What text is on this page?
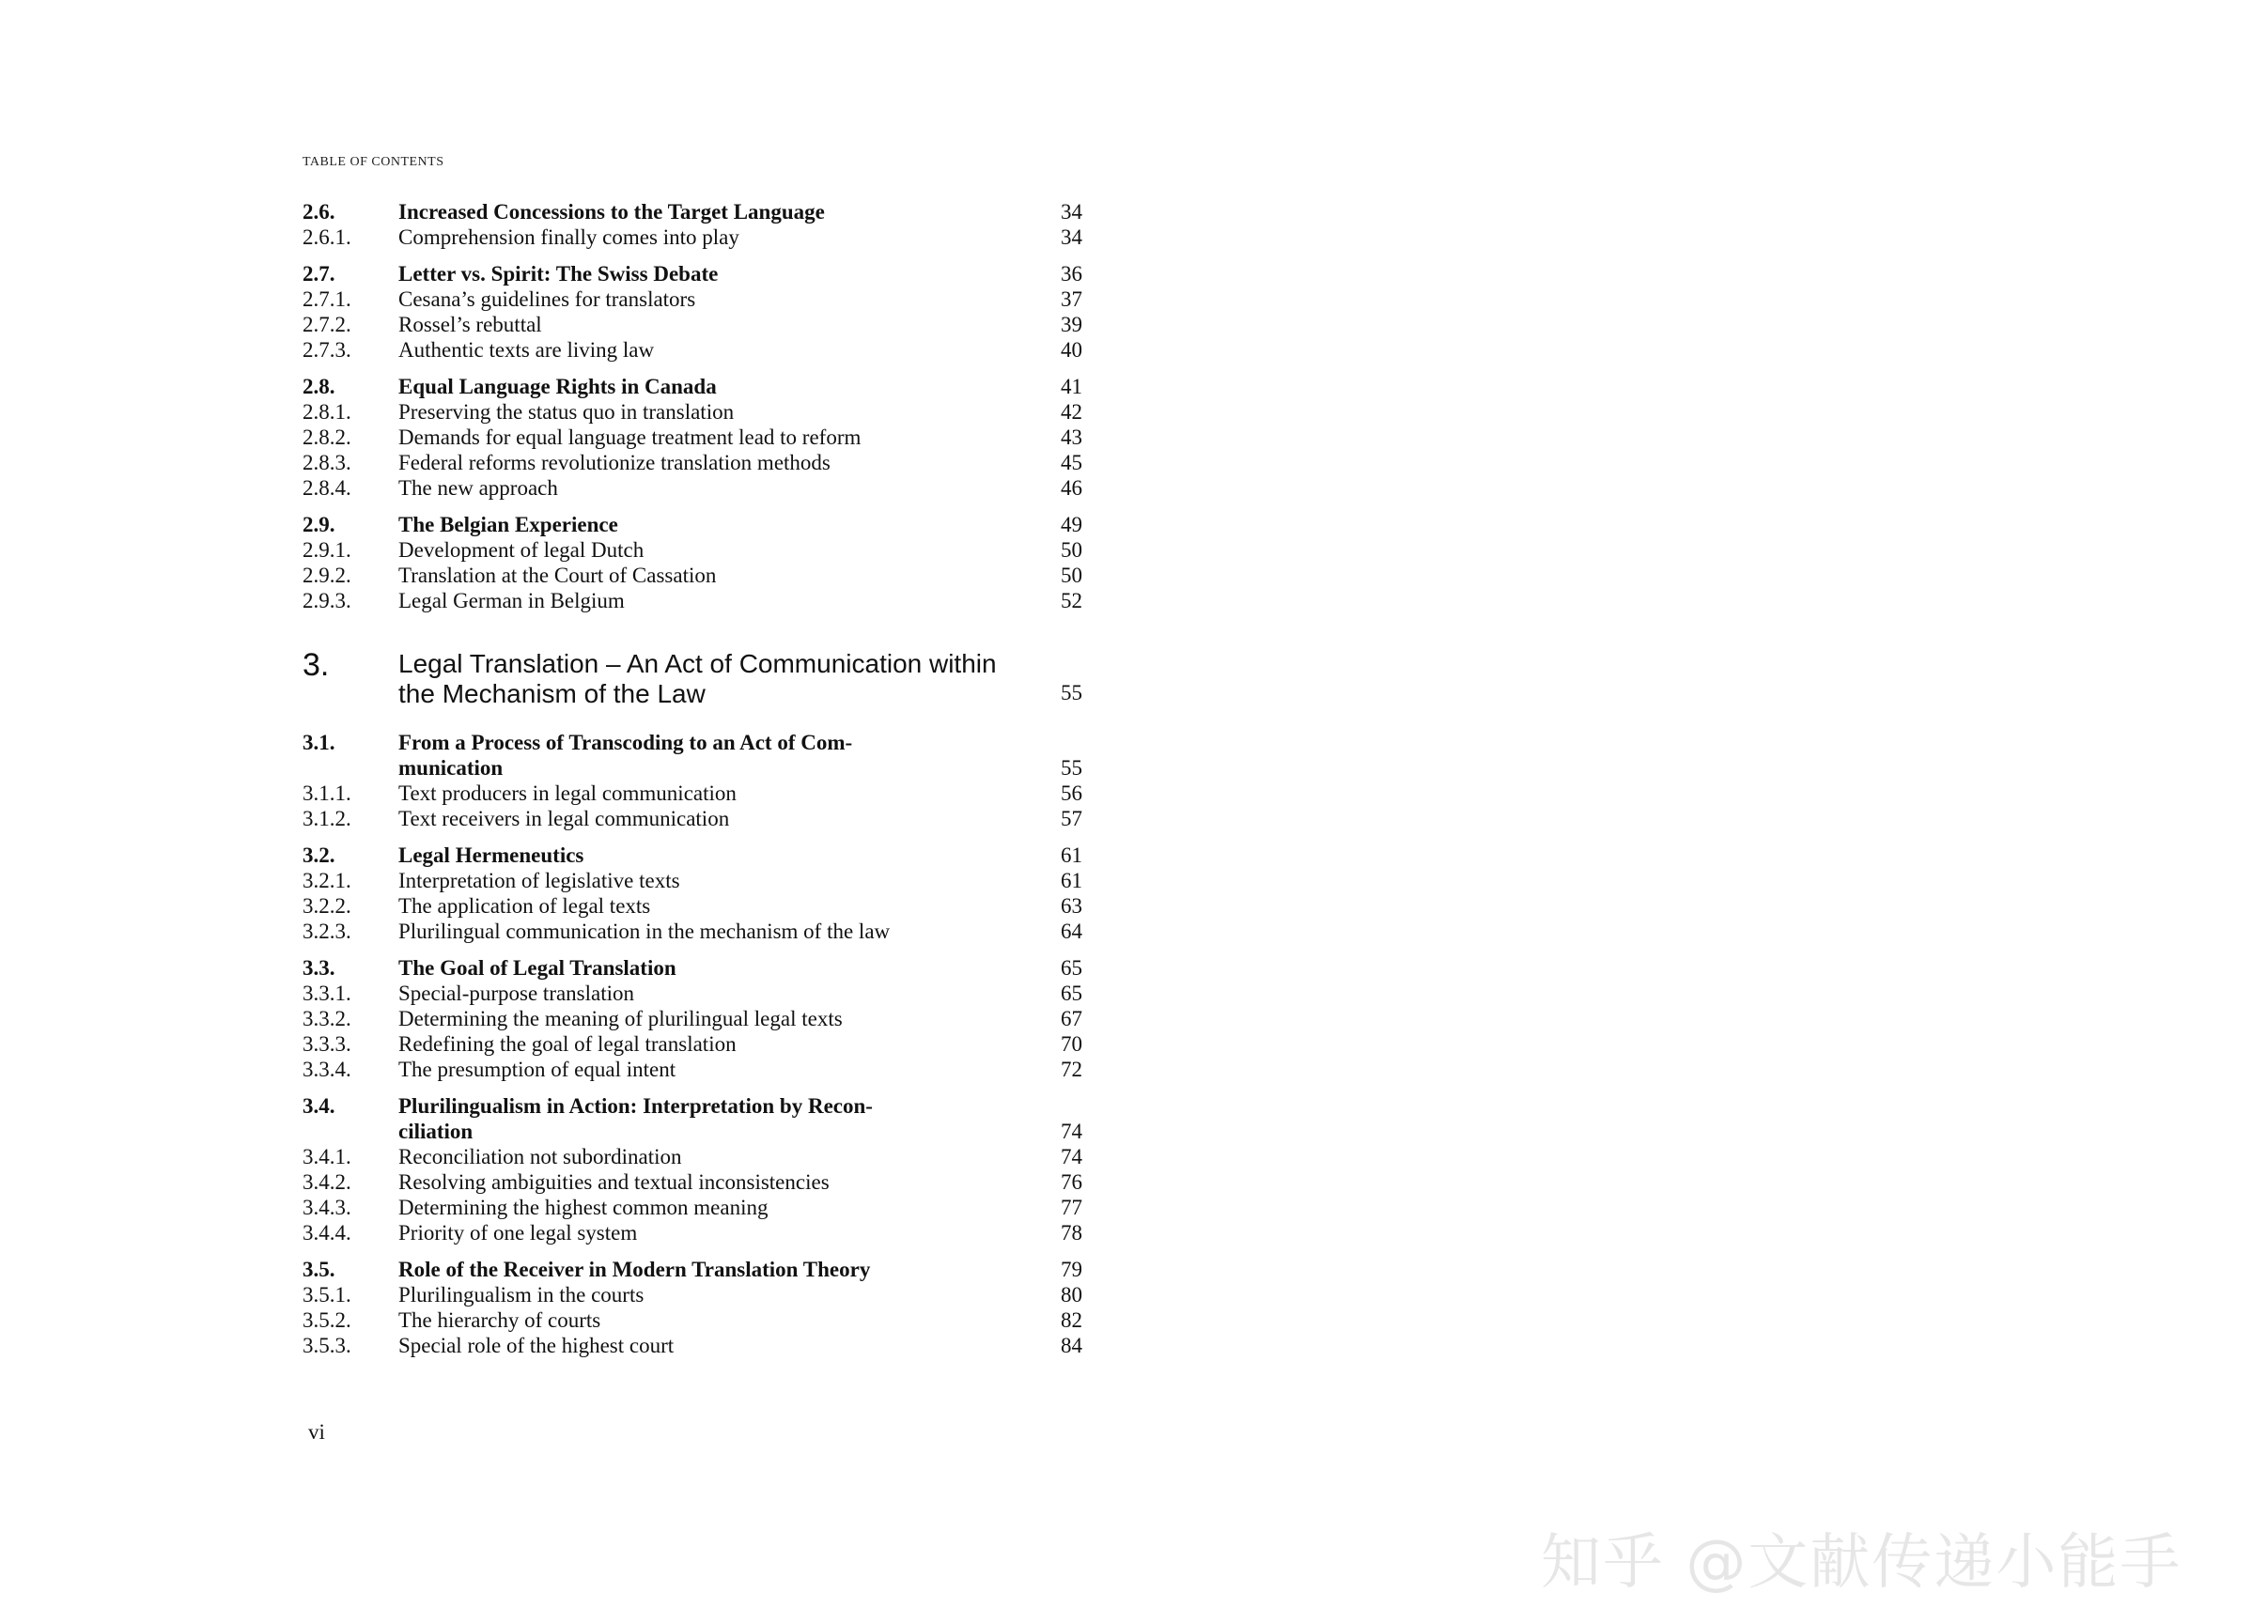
TABLE OF CONTENTS
2.6.	Increased Concessions to the Target Language	34
2.6.1. Comprehension finally comes into play	34
2.7.	Letter vs. Spirit: The Swiss Debate	36
2.7.1. Cesana’s guidelines for translators	37
2.7.2. Rossel’s rebuttal	39
2.7.3. Authentic texts are living law	40
2.8.	Equal Language Rights in Canada	41
2.8.1. Preserving the status quo in translation	42
2.8.2. Demands for equal language treatment lead to reform	43
2.8.3. Federal reforms revolutionize translation methods	45
2.8.4. The new approach	46
2.9.	The Belgian Experience	49
2.9.1. Development of legal Dutch	50
2.9.2. Translation at the Court of Cassation	50
2.9.3. Legal German in Belgium	52
3.	Legal Translation – An Act of Communication within the Mechanism of the Law	55
3.1.	From a Process of Transcoding to an Act of Com-
munication	55
3.1.1. Text producers in legal communication	56
3.1.2. Text receivers in legal communication	57
3.2.	Legal Hermeneutics	61
3.2.1. Interpretation of legislative texts	61
3.2.2. The application of legal texts	63
3.2.3. Plurilingual communication in the mechanism of the law	64
3.3.	The Goal of Legal Translation	65
3.3.1. Special-purpose translation	65
3.3.2. Determining the meaning of plurilingual legal texts	67
3.3.3. Redefining the goal of legal translation	70
3.3.4. The presumption of equal intent	72
3.4.	Plurilingualism in Action: Interpretation by Recon-
ciliation	74
3.4.1. Reconciliation not subordination	74
3.4.2. Resolving ambiguities and textual inconsistencies	76
3.4.3. Determining the highest common meaning	77
3.4.4. Priority of one legal system	78
3.5.	Role of the Receiver in Modern Translation Theory	79
3.5.1. Plurilingualism in the courts	80
3.5.2. The hierarchy of courts	82
3.5.3. Special role of the highest court	84
vi
知乎 @文献传递小能手
